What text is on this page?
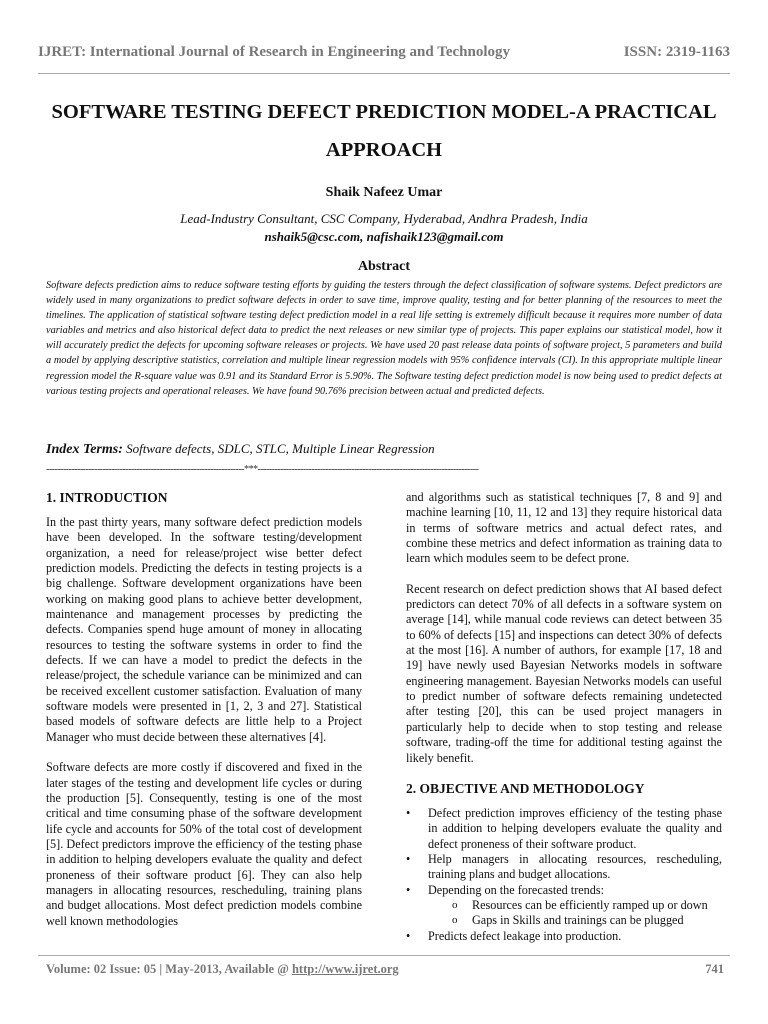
IJRET: International Journal of Research in Engineering and Technology	ISSN: 2319-1163
SOFTWARE TESTING DEFECT PREDICTION MODEL-A PRACTICAL
APPROACH
Shaik Nafeez Umar
Lead-Industry Consultant, CSC Company, Hyderabad, Andhra Pradesh, India
nshaik5@csc.com, nafishaik123@gmail.com
Abstract
Software defects prediction aims to reduce software testing efforts by guiding the testers through the defect classification of software systems. Defect predictors are widely used in many organizations to predict software defects in order to save time, improve quality, testing and for better planning of the resources to meet the timelines. The application of statistical software testing defect prediction model in a real life setting is extremely difficult because it requires more number of data variables and metrics and also historical defect data to predict the next releases or new similar type of projects. This paper explains our statistical model, how it will accurately predict the defects for upcoming software releases or projects. We have used 20 past release data points of software project, 5 parameters and build a model by applying descriptive statistics, correlation and multiple linear regression models with 95% confidence intervals (CI). In this appropriate multiple linear regression model the R-square value was 0.91 and its Standard Error is 5.90%. The Software testing defect prediction model is now being used to predict defects at various testing projects and operational releases. We have found 90.76% precision between actual and predicted defects.
Index Terms: Software defects, SDLC, STLC, Multiple Linear Regression
----------------------------------------------------------------------***------------------------------------------------------------------------------
1. INTRODUCTION

In the past thirty years, many software defect prediction models have been developed. In the software testing/development organization, a need for release/project wise better defect prediction models. Predicting the defects in testing projects is a big challenge. Software development organizations have been working on making good plans to achieve better development, maintenance and management processes by predicting the defects. Companies spend huge amount of money in allocating resources to testing the software systems in order to find the defects. If we can have a model to predict the defects in the release/project, the schedule variance can be minimized and can be received excellent customer satisfaction. Evaluation of many software models were presented in [1, 2, 3 and 27]. Statistical based models of software defects are little help to a Project Manager who must decide between these alternatives [4].

Software defects are more costly if discovered and fixed in the later stages of the testing and development life cycles or during the production [5]. Consequently, testing is one of the most critical and time consuming phase of the software development life cycle and accounts for 50% of the total cost of development [5]. Defect predictors improve the efficiency of the testing phase in addition to helping developers evaluate the quality and defect proneness of their software product [6]. They can also help managers in allocating resources, rescheduling, training plans and budget allocations. Most defect prediction models combine well known methodologies

and algorithms such as statistical techniques [7, 8 and 9] and machine learning [10, 11, 12 and 13] they require historical data in terms of software metrics and actual defect rates, and combine these metrics and defect information as training data to learn which modules seem to be defect prone.

Recent research on defect prediction shows that AI based defect predictors can detect 70% of all defects in a software system on average [14], while manual code reviews can detect between 35 to 60% of defects [15] and inspections can detect 30% of defects at the most [16]. A number of authors, for example [17, 18 and 19] have newly used Bayesian Networks models in software engineering management. Bayesian Networks models can useful to predict number of software defects remaining undetected after testing [20], this can be used project managers in particularly help to decide when to stop testing and release software, trading-off the time for additional testing against the likely benefit.

2. OBJECTIVE AND METHODOLOGY
• Defect prediction improves efficiency of the testing phase in addition to helping developers evaluate the quality and defect proneness of their software product.
• Help managers in allocating resources, rescheduling, training plans and budget allocations.
• Depending on the forecasted trends:
o Resources can be efficiently ramped up or down
o Gaps in Skills and trainings can be plugged
• Predicts defect leakage into production.
Volume: 02 Issue: 05 | May-2013, Available @ http://www.ijret.org	741
